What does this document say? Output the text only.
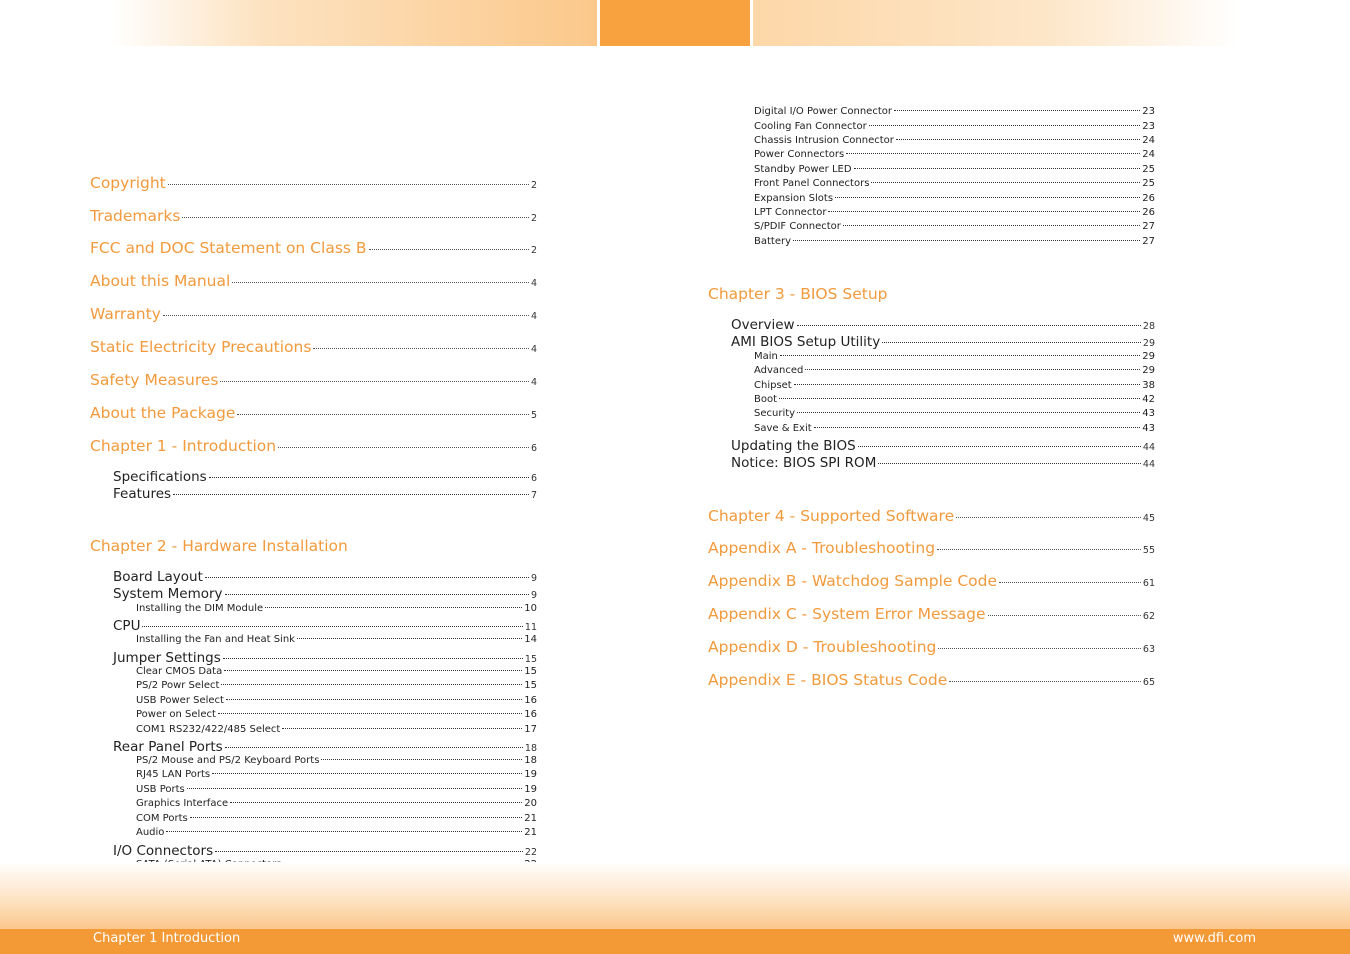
Copyright	2
Trademarks	2
FCC and DOC Statement on Class B	2
About this Manual	4
Warranty	4
Static Electricity Precautions	4
Safety Measures	4
About the Package	5
Chapter 1 - Introduction	6
Specifications	6
Features	7
Chapter 2 - Hardware Installation
Board Layout	9
System Memory	9
Installing the DIM Module	10
CPU	11
Installing the Fan and Heat Sink	14
Jumper Settings	15
Clear CMOS Data	15
PS/2 Powr Select	15
USB Power Select	16
Power on Select	16
COM1 RS232/422/485 Select	17
Rear Panel Ports	18
PS/2 Mouse and PS/2 Keyboard Ports	18
RJ45 LAN Ports	19
USB Ports	19
Graphics Interface	20
COM Ports	21
Audio	21
I/O Connectors	22
Digital I/O Power Connector	23
Cooling Fan Connector	23
Chassis Intrusion Connector	24
Power Connectors	24
Standby Power LED	25
Front Panel Connectors	25
Expansion Slots	26
LPT Connector	26
S/PDIF Connector	27
Battery	27
Chapter 3 - BIOS Setup
Overview	28
AMI BIOS Setup Utility	29
Main	29
Advanced	29
Chipset	38
Boot	42
Security	43
Save & Exit	43
Updating the BIOS	44
Notice: BIOS SPI ROM	44
Chapter 4 - Supported Software	45
Appendix A - Troubleshooting	55
Appendix B - Watchdog Sample Code	61
Appendix C - System Error Message	62
Appendix D - Troubleshooting	63
Appendix E - BIOS Status Code	65
Chapter 1 Introduction	www.dfi.com
